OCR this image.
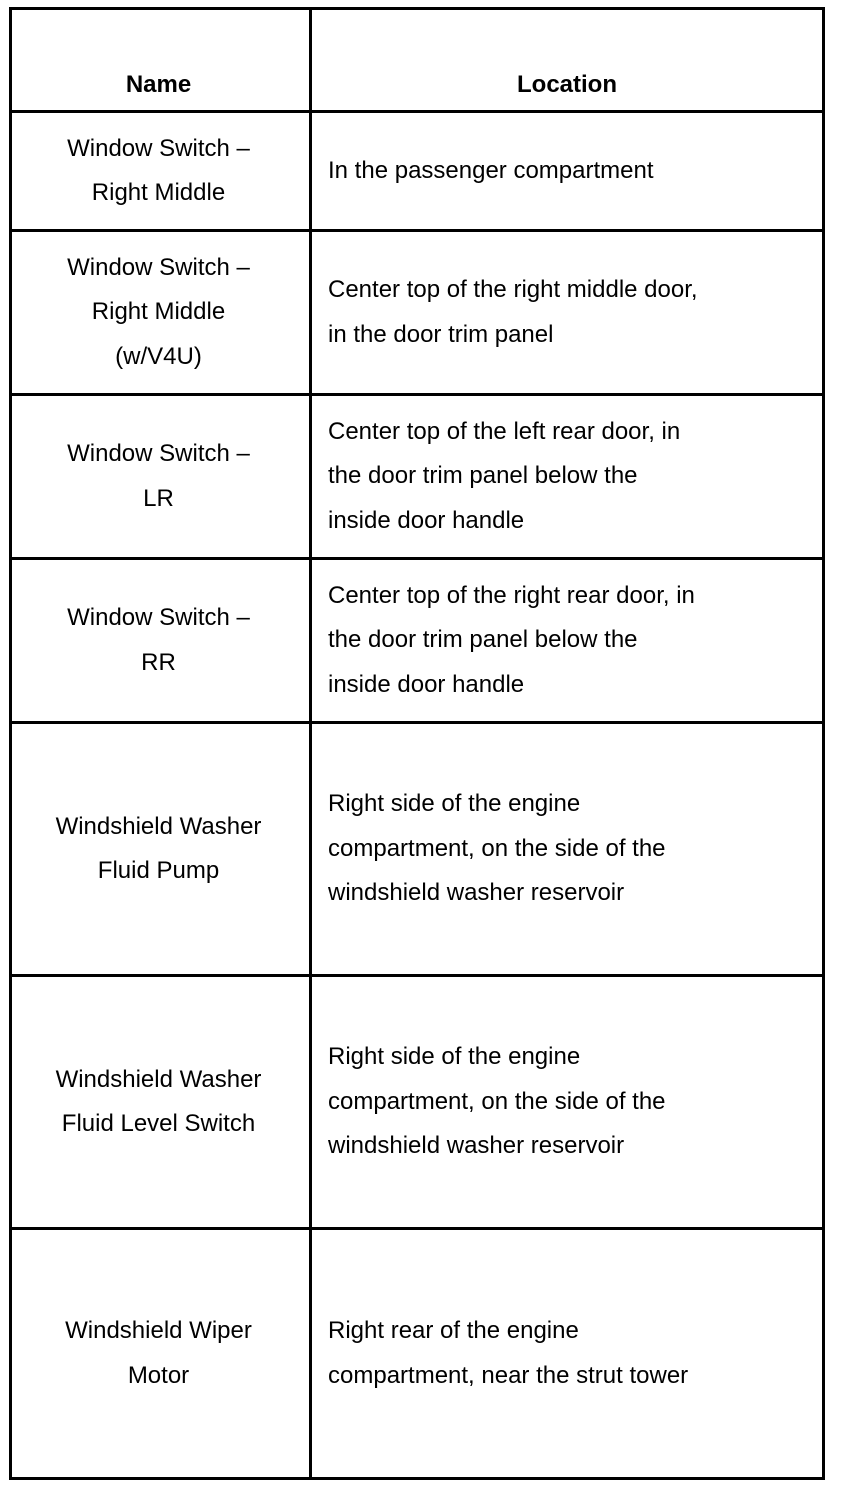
Name	Location
Window Switch –
Right Middle
In the passenger compartment
Window Switch –
Right Middle
(w/V4U)
Center top of the right middle door,
in the door trim panel
Window Switch –
LR
Center top of the left rear door, in
the door trim panel below the
inside door handle
Window Switch –
RR
Center top of the right rear door, in
the door trim panel below the
inside door handle
Windshield Washer
Fluid Pump
Right side of the engine
compartment, on the side of the
windshield washer reservoir
Windshield Washer
Fluid Level Switch
Right side of the engine
compartment, on the side of the
windshield washer reservoir
Windshield Wiper
Motor
Right rear of the engine
compartment, near the strut tower
